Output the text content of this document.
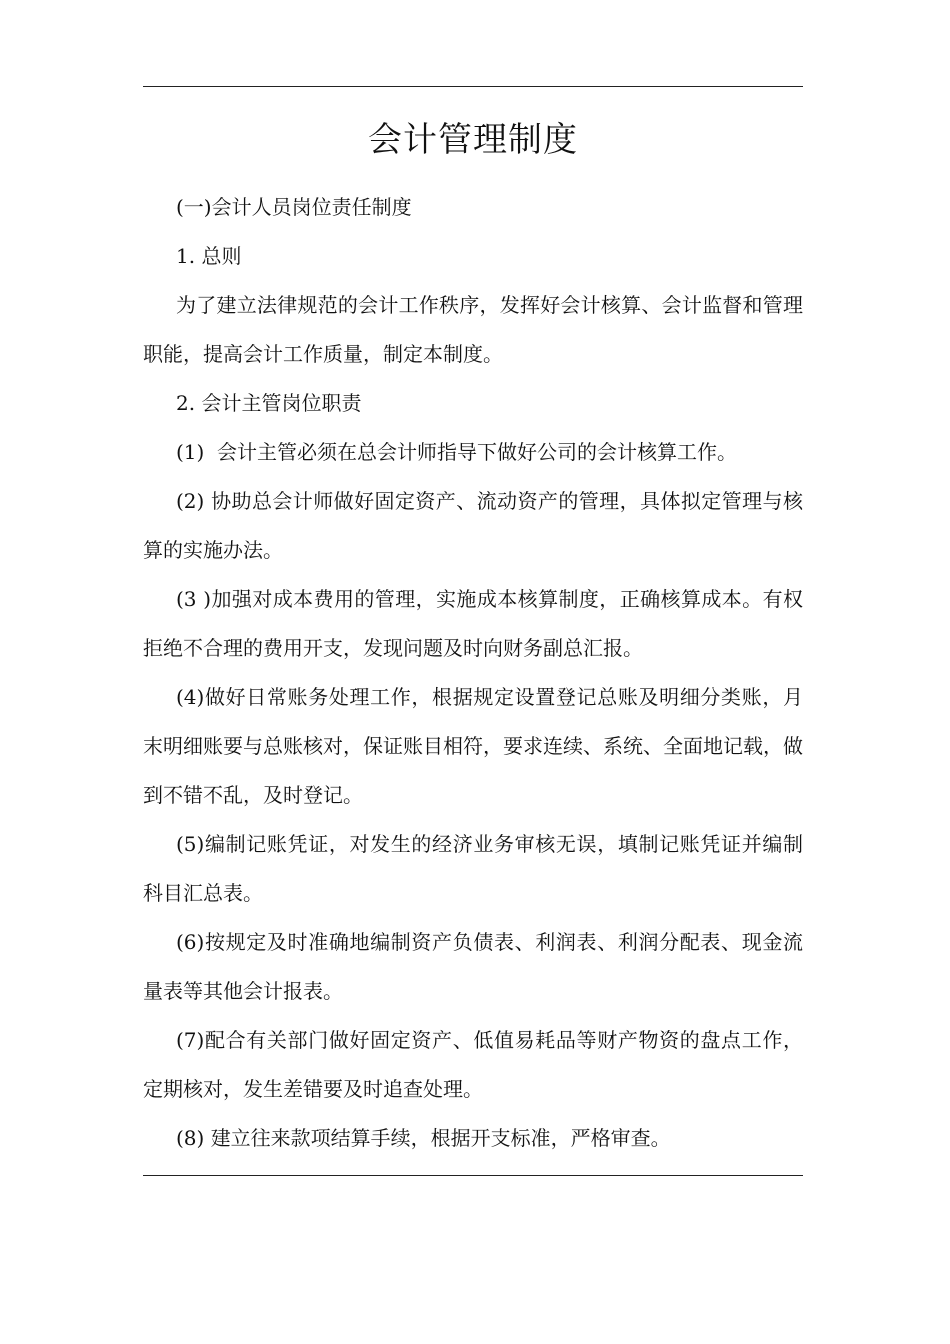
会计管理制度

(一)会计人员岗位责任制度

1. 总则

为了建立法律规范的会计工作秩序，发挥好会计核算、会计监督和管理职能，提高会计工作质量，制定本制度。

2. 会计主管岗位职责

(1)  会计主管必须在总会计师指导下做好公司的会计核算工作。

(2) 协助总会计师做好固定资产、流动资产的管理，具体拟定管理与核算的实施办法。

(3 )加强对成本费用的管理，实施成本核算制度，正确核算成本。有权拒绝不合理的费用开支，发现问题及时向财务副总汇报。

(4)做好日常账务处理工作，根据规定设置登记总账及明细分类账，月末明细账要与总账核对，保证账目相符，要求连续、系统、全面地记载，做到不错不乱，及时登记。

(5)编制记账凭证，对发生的经济业务审核无误，填制记账凭证并编制科目汇总表。

(6)按规定及时准确地编制资产负债表、利润表、利润分配表、现金流量表等其他会计报表。

(7)配合有关部门做好固定资产、低值易耗品等财产物资的盘点工作，定期核对，发生差错要及时追查处理。

(8) 建立往来款项结算手续，根据开支标准，严格审查。
